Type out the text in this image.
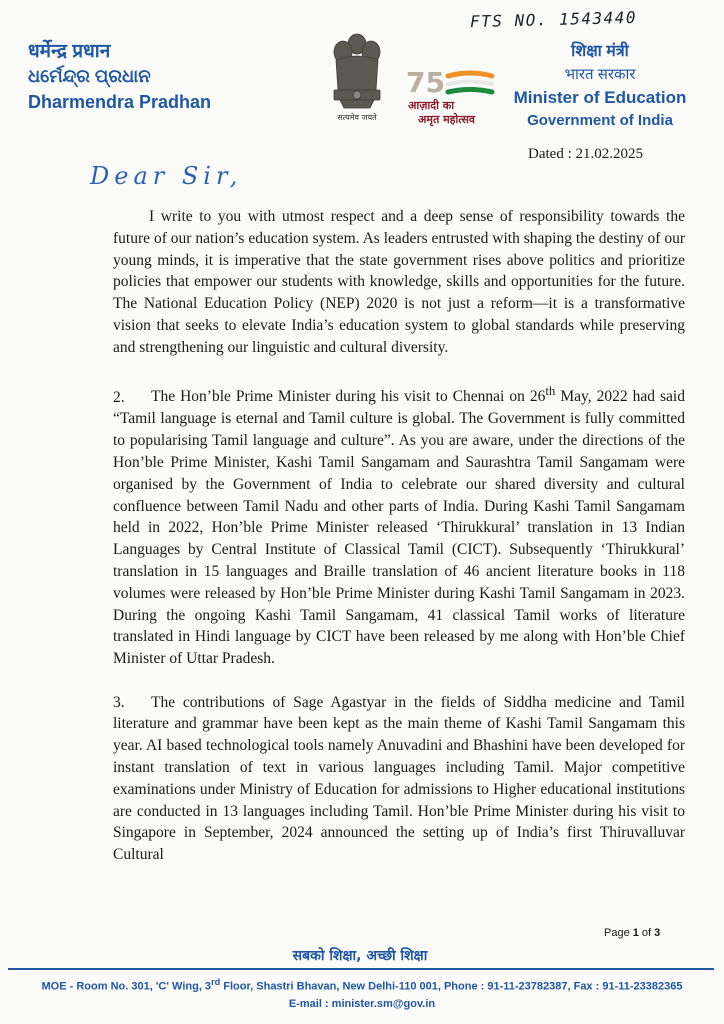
FTS NO. 1543440
धर्मेन्द्र प्रधान
ଧର୍ମେନ୍ଦ୍ର ପ୍ରଧାନ
Dharmendra Pradhan
सत्यमेव जयते
75
आज़ादी का
अमृत महोत्सव
शिक्षा मंत्री
भारत सरकार
Minister of Education
Government of India
Dated : 21.02.2025
Dear Sir,

I write to you with utmost respect and a deep sense of responsibility towards the future of our nation’s education system. As leaders entrusted with shaping the destiny of our young minds, it is imperative that the state government rises above politics and prioritize policies that empower our students with knowledge, skills and opportunities for the future. The National Education Policy (NEP) 2020 is not just a reform—it is a transformative vision that seeks to elevate India’s education system to global standards while preserving and strengthening our linguistic and cultural diversity.

2. The Hon’ble Prime Minister during his visit to Chennai on 26th May, 2022 had said “Tamil language is eternal and Tamil culture is global. The Government is fully committed to popularising Tamil language and culture”. As you are aware, under the directions of the Hon’ble Prime Minister, Kashi Tamil Sangamam and Saurashtra Tamil Sangamam were organised by the Government of India to celebrate our shared diversity and cultural confluence between Tamil Nadu and other parts of India. During Kashi Tamil Sangamam held in 2022, Hon’ble Prime Minister released ‘Thirukkural’ translation in 13 Indian Languages by Central Institute of Classical Tamil (CICT). Subsequently ‘Thirukkural’ translation in 15 languages and Braille translation of 46 ancient literature books in 118 volumes were released by Hon’ble Prime Minister during Kashi Tamil Sangamam in 2023. During the ongoing Kashi Tamil Sangamam, 41 classical Tamil works of literature translated in Hindi language by CICT have been released by me along with Hon’ble Chief Minister of Uttar Pradesh.

3. The contributions of Sage Agastyar in the fields of Siddha medicine and Tamil literature and grammar have been kept as the main theme of Kashi Tamil Sangamam this year. AI based technological tools namely Anuvadini and Bhashini have been developed for instant translation of text in various languages including Tamil. Major competitive examinations under Ministry of Education for admissions to Higher educational institutions are conducted in 13 languages including Tamil. Hon’ble Prime Minister during his visit to Singapore in September, 2024 announced the setting up of India’s first Thiruvalluvar Cultural

Page 1 of 3
सबको शिक्षा, अच्छी शिक्षा
MOE - Room No. 301, 'C' Wing, 3rd Floor, Shastri Bhavan, New Delhi-110 001, Phone : 91-11-23782387, Fax : 91-11-23382365
E-mail : minister.sm@gov.in
